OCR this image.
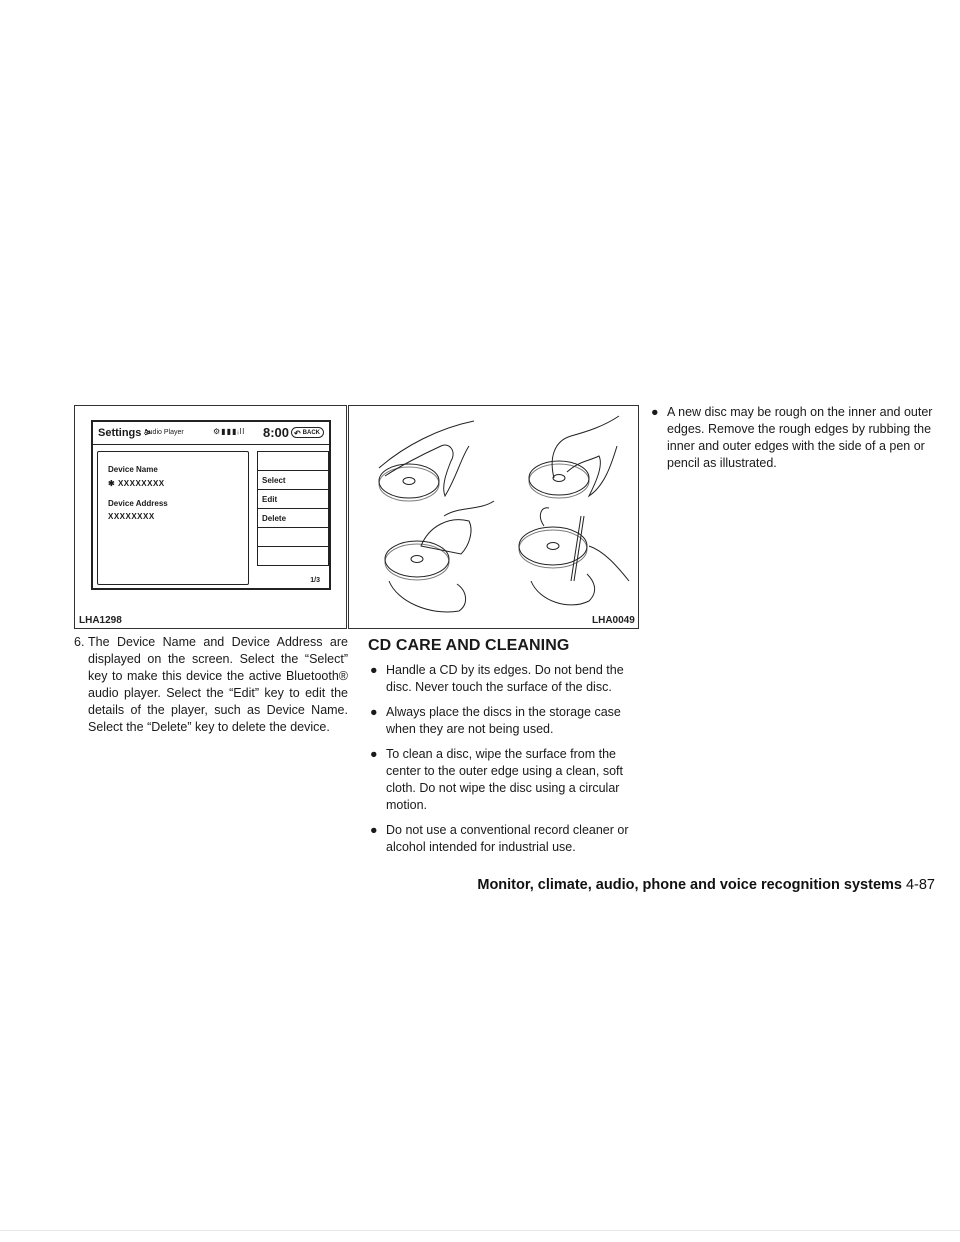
Settings >
Audio Player	⚙▮▮▮ᵢll 8:00 ↶ BACK
Device Name
✱ XXXXXXXX
Device Address
XXXXXXXX
Select
Edit
Delete
1/3
LHA1298	LHA0049
6. The Device Name and Device Address are displayed on the screen. Select the “Select” key to make this device the active Bluetooth® audio player. Select the “Edit” key to edit the details of the player, such as Device Name. Select the “Delete” key to delete the device.

CD CARE AND CLEANING
● Handle a CD by its edges. Do not bend the disc. Never touch the surface of the disc.
● Always place the discs in the storage case when they are not being used.
● To clean a disc, wipe the surface from the center to the outer edge using a clean, soft cloth. Do not wipe the disc using a circular motion.
● Do not use a conventional record cleaner or alcohol intended for industrial use.
● A new disc may be rough on the inner and outer edges. Remove the rough edges by rubbing the inner and outer edges with the side of a pen or pencil as illustrated.
Monitor, climate, audio, phone and voice recognition systems 4-87
